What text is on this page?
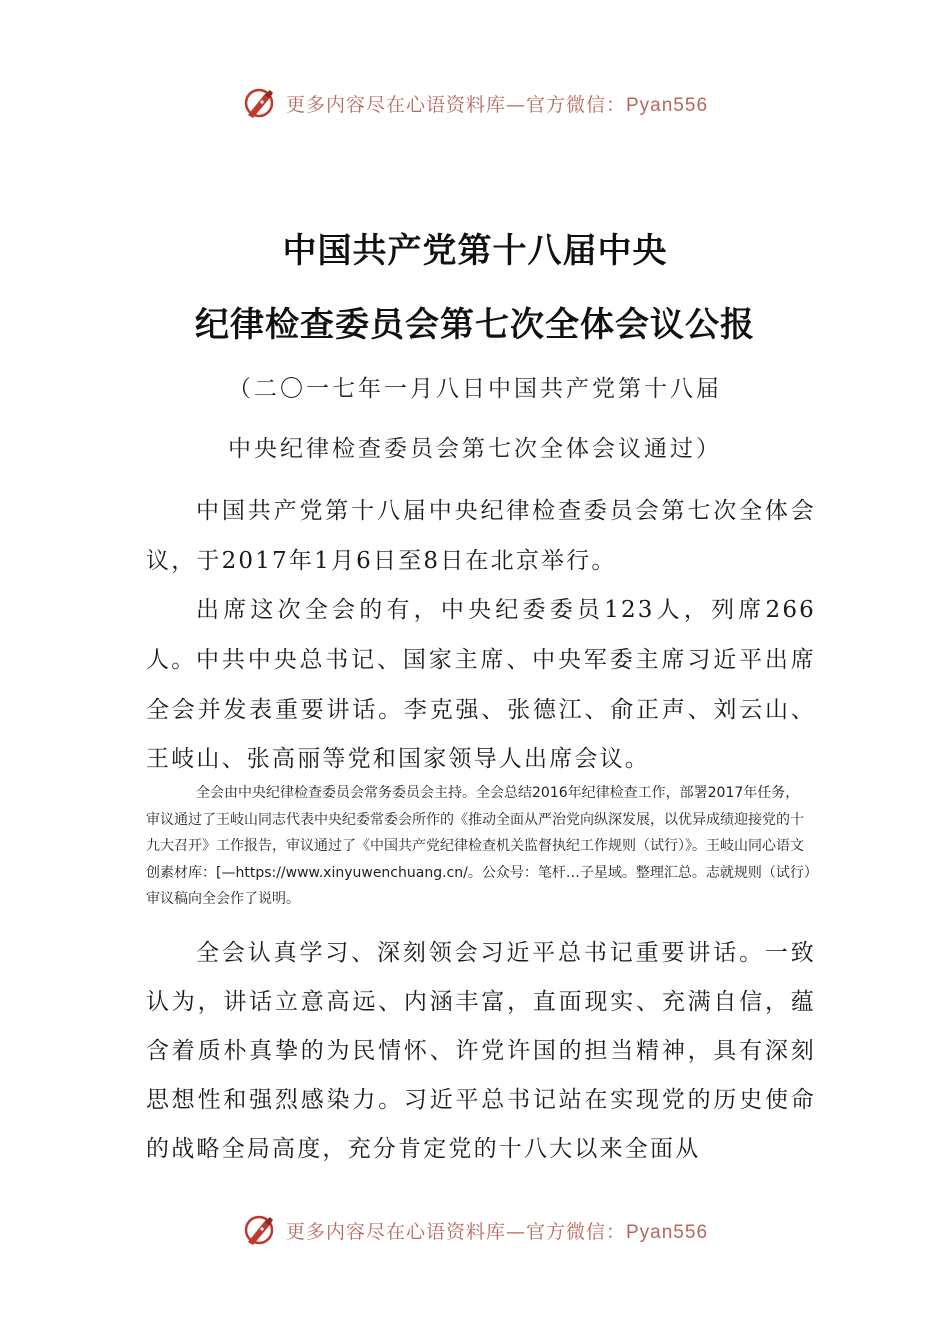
更多内容尽在心语资料库—官方微信：Pyan556
中国共产党第十八届中央
纪律检查委员会第七次全体会议公报

（二〇一七年一月八日中国共产党第十八届

中央纪律检查委员会第七次全体会议通过）

中国共产党第十八届中央纪律检查委员会第七次全体会议，于2017年1月6日至8日在北京举行。

出席这次全会的有，中央纪委委员123人，列席266人。 中共中央总书记、国家主席、中央军委主席习近平出席全会并发表重要讲话。李克强、张德江、俞正声、刘云山、王岐山、张高丽等党和国家领导人出席会议。

全会由中央纪律检查委员会常务委员会主持。全会总结2016年纪律检查工作，部署2017年任务，审议通过了王岐山同志代表中央纪委常委会所作的《推动全面从严治党向纵深发展，以优异成绩迎接党的十九大召开》工作报告，审议通过了《中国共产党纪律检查机关监督执纪工作规则（试行）》。王岐山同心语文创素材库：[—https://www.xinyuwenchuang.cn/。公众号：笔杆…子星域。整理汇总。志就规则（试行）审议稿向全会作了说明。

全会认真学习、深刻领会习近平总书记重要讲话。一致认为，讲话立意高远、内涵丰富，直面现实、充满自信，蕴含着质朴真挚的为民情怀、许党许国的担当精神，具有深刻思想性和强烈感染力。习近平总书记站在实现党的历史使命的战略全局高度，充分肯定党的十八大以来全面从

更多内容尽在心语资料库—官方微信：Pyan556
